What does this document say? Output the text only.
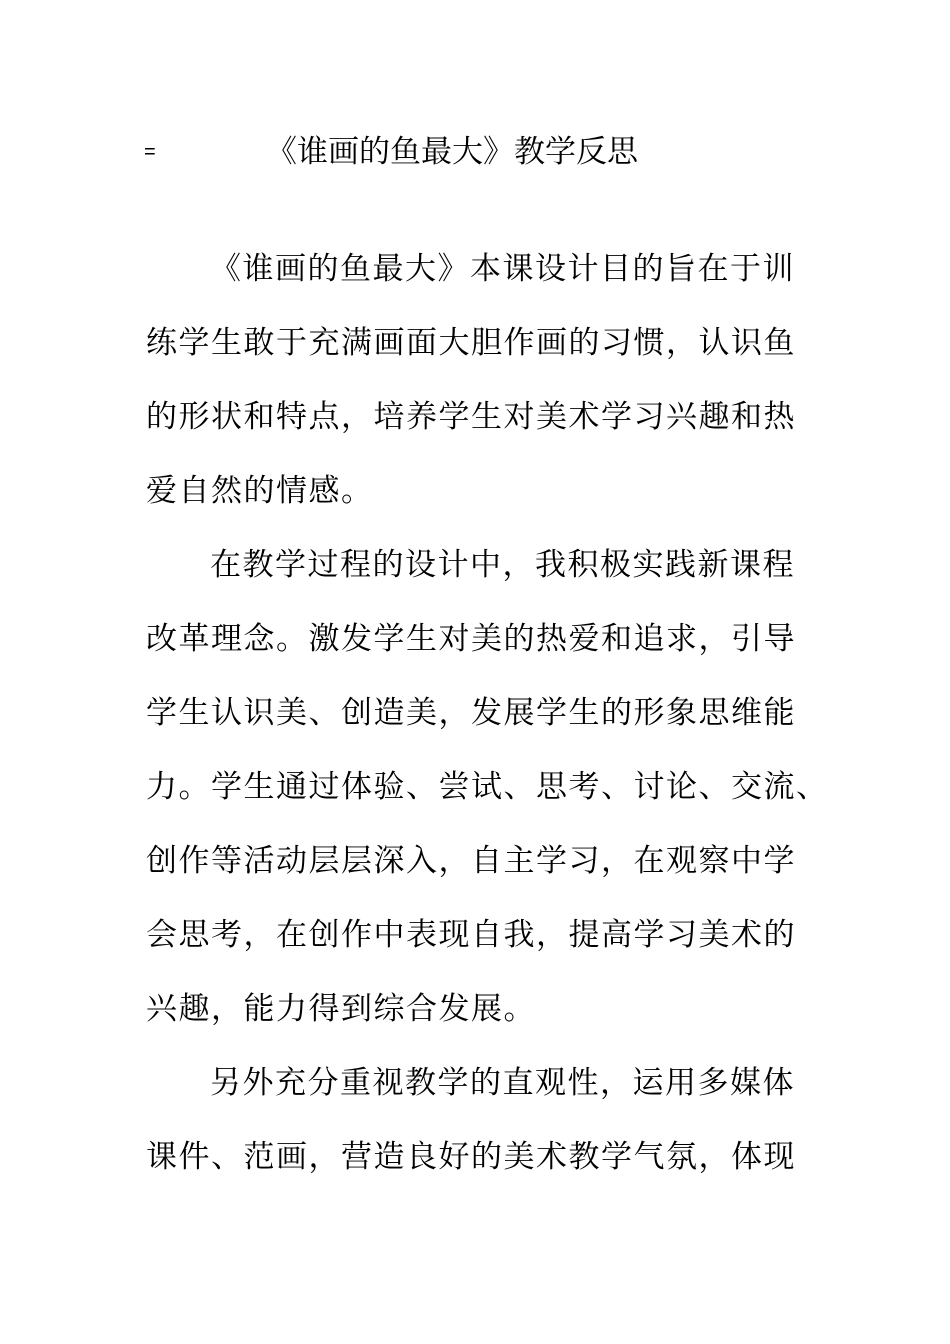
=	《谁画的鱼最大》教学反思
《谁画的鱼最大》本课设计目的旨在于训
练学生敢于充满画面大胆作画的习惯，认识鱼
的形状和特点，培养学生对美术学习兴趣和热
爱自然的情感。
在教学过程的设计中，我积极实践新课程
改革理念。激发学生对美的热爱和追求，引导
学生认识美、创造美，发展学生的形象思维能
力。学生通过体验、尝试、思考、讨论、交流、
创作等活动层层深入，自主学习，在观察中学
会思考，在创作中表现自我，提高学习美术的
兴趣，能力得到综合发展。
另外充分重视教学的直观性，运用多媒体
课件、范画，营造良好的美术教学气氛，体现
